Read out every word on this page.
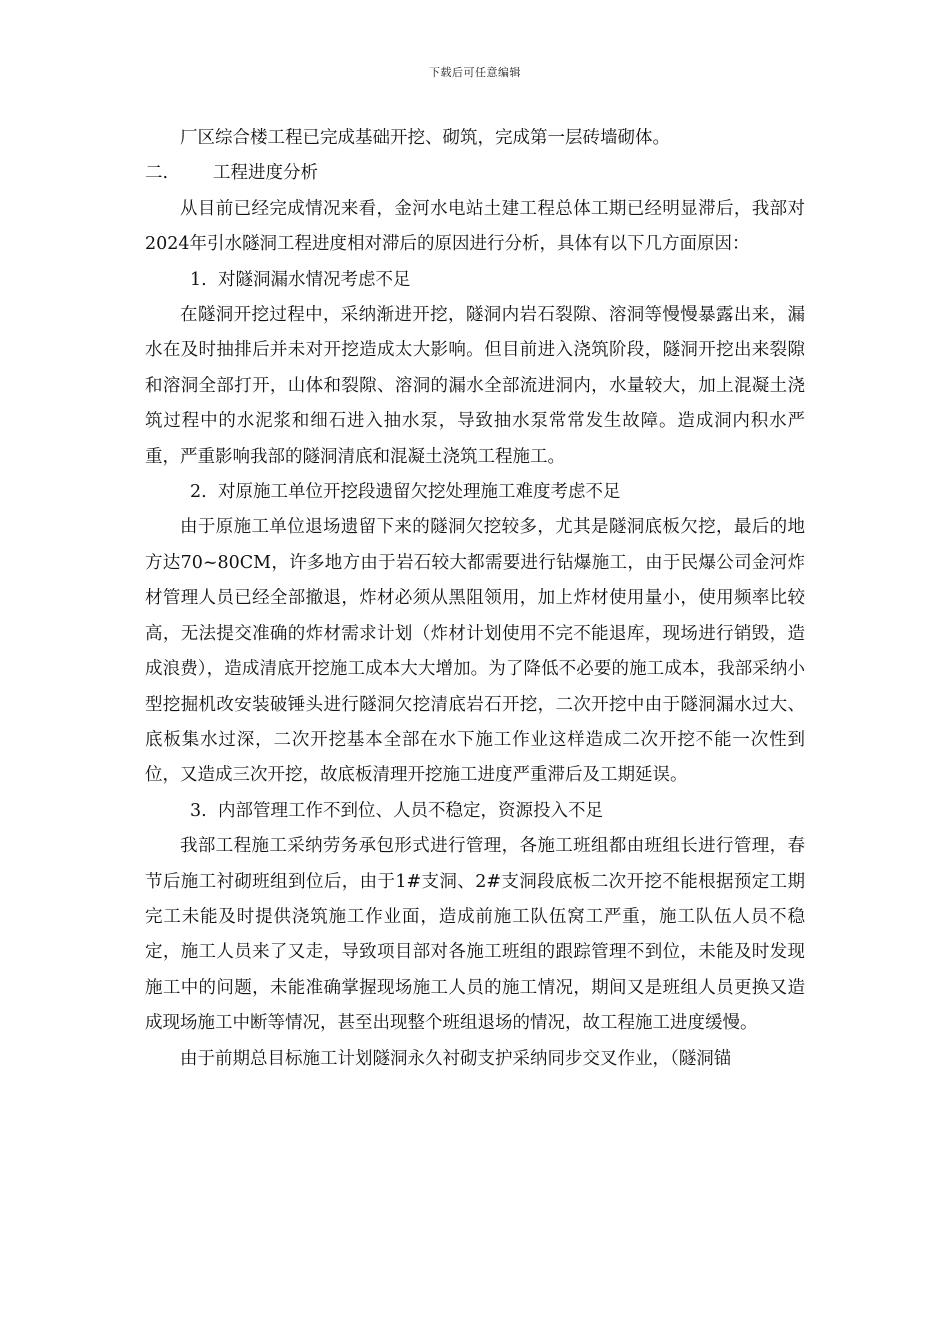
下载后可任意编辑

厂区综合楼工程已完成基础开挖、砌筑，完成第一层砖墙砌体。

二.	工程进度分析

从目前已经完成情况来看，金河水电站土建工程总体工期已经明显滞后，我部对2024年引水隧洞工程进度相对滞后的原因进行分析，具体有以下几方面原因：

1. 对隧洞漏水情况考虑不足

在隧洞开挖过程中，采纳渐进开挖，隧洞内岩石裂隙、溶洞等慢慢暴露出来，漏水在及时抽排后并未对开挖造成太大影响。但目前进入浇筑阶段，隧洞开挖出来裂隙和溶洞全部打开，山体和裂隙、溶洞的漏水全部流进洞内，水量较大，加上混凝土浇筑过程中的水泥浆和细石进入抽水泵，导致抽水泵常常发生故障。造成洞内积水严重，严重影响我部的隧洞清底和混凝土浇筑工程施工。

2. 对原施工单位开挖段遗留欠挖处理施工难度考虑不足

由于原施工单位退场遗留下来的隧洞欠挖较多，尤其是隧洞底板欠挖，最后的地方达70~80CM，许多地方由于岩石较大都需要进行钻爆施工，由于民爆公司金河炸材管理人员已经全部撤退，炸材必须从黑阻领用，加上炸材使用量小，使用频率比较高，无法提交准确的炸材需求计划（炸材计划使用不完不能退库，现场进行销毁，造成浪费），造成清底开挖施工成本大大增加。为了降低不必要的施工成本，我部采纳小型挖掘机改安装破锤头进行隧洞欠挖清底岩石开挖，二次开挖中由于隧洞漏水过大、底板集水过深，二次开挖基本全部在水下施工作业这样造成二次开挖不能一次性到位，又造成三次开挖，故底板清理开挖施工进度严重滞后及工期延误。

3. 内部管理工作不到位、人员不稳定，资源投入不足

我部工程施工采纳劳务承包形式进行管理，各施工班组都由班组长进行管理，春节后施工衬砌班组到位后，由于1#支洞、2#支洞段底板二次开挖不能根据预定工期完工未能及时提供浇筑施工作业面，造成前施工队伍窝工严重，施工队伍人员不稳定，施工人员来了又走，导致项目部对各施工班组的跟踪管理不到位，未能及时发现施工中的问题，未能准确掌握现场施工人员的施工情况，期间又是班组人员更换又造成现场施工中断等情况，甚至出现整个班组退场的情况，故工程施工进度缓慢。

由于前期总目标施工计划隧洞永久衬砌支护采纳同步交叉作业，（隧洞锚
